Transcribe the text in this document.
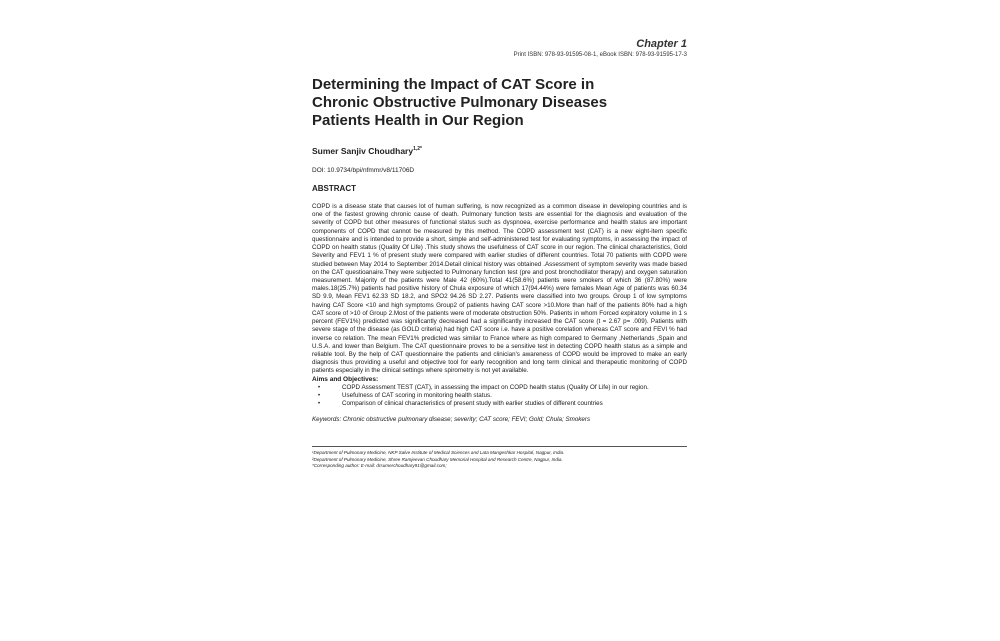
Chapter 1
Print ISBN: 978-93-91595-08-1, eBook ISBN: 978-93-91595-17-3
Determining the Impact of CAT Score in Chronic Obstructive Pulmonary Diseases Patients Health in Our Region
Sumer Sanjiv Choudhary$^{1,2*}$
DOI: 10.9734/bpi/nfmmr/v8/11706D
ABSTRACT
COPD is a disease state that causes lot of human suffering, is now recognized as a common disease in developing countries and is one of the fastest growing chronic cause of death. Pulmonary function tests are essential for the diagnosis and evaluation of the severity of COPD but other measures of functional status such as dyspnoea, exercise performance and health status are important components of COPD that cannot be measured by this method. The COPD assessment test (CAT) is a new eight-item specific questionnaire and is intended to provide a short, simple and self-administered test for evaluating symptoms, in assessing the impact of COPD on health status (Quality Of Life) .This study shows the usefulness of CAT score in our region. The clinical characteristics, Gold Severity and FEV1 1 % of present study were compared with earlier studies of different countries. Total 70 patients with COPD were studied between May 2014 to September 2014.Detail clinical history was obtained .Assessment of symptom severity was made based on the CAT questioanaire.They were subjected to Pulmonary function test (pre and post bronchodilator therapy) and oxygen saturation measurement. Majority of the patients were Male 42 (60%).Total 41(58.6%) patients were smokers of which 36 (87.80%) were males.18(25.7%) patients had positive history of Chula exposure of which 17(94.44%) were females Mean Age of patients was 60.34 SD 9.9, Mean FEV1 62.33 SD 18.2, and SPO2 94.26 SD 2.27. Patients were classified into two groups. Group 1 of low symptoms having CAT Score <10 and high symptoms Group2 of patients having CAT score >10.More than half of the patients 80% had a high CAT score of >10 of Group 2.Most of the patients were of moderate obstruction 50%. Patients in whom Forced expiratory volume in 1 s percent (FEV1%) predicted was significantly decreased had a significantly increased the CAT score (t = 2.67 p= .009). Patients with severe stage of the disease (as GOLD criteria) had high CAT score i.e. have a positive corelation whereas CAT score and FEVI % had inverse co relation. The mean FEV1% predicted was similar to France where as high compared to Germany ,Netherlands ,Spain and U.S.A. and lower than Belgium. The CAT questionnaire proves to be a sensitive test in detecting COPD health status as a simple and reliable tool. By the help of CAT questionnaire the patients and clinician's awareness of COPD would be improved to make an early diagnosis thus providing a useful and objective tool for early recognition and long term clinical and therapeutic monitoring of COPD patients especially in the clinical settings where spirometry is not yet available.
Aims and Objectives:
• COPD Assessment TEST (CAT), in assessing the impact on COPD health status (Quality Of Life) in our region.
• Usefulness of CAT scoring in monitoring health status.
• Comparison of clinical characteristics of present study with earlier studies of different countries
Keywords: Chronic obstructive pulmonary disease; severity; CAT score; FEVI; Gold; Chula; Smokers
¹Department of Pulmonary Medicine, NKP Salve Institute of Medical Sciences and Lata Mangeshkar Hospital, Nagpur, India.
²Department of Pulmonary Medicine, Shree Ramjeevan Choudhary Memorial Hospital and Research Centre, Nagpur, India.
*Corresponding author: E-mail: drsumerchoudhary91@gmail.com;
